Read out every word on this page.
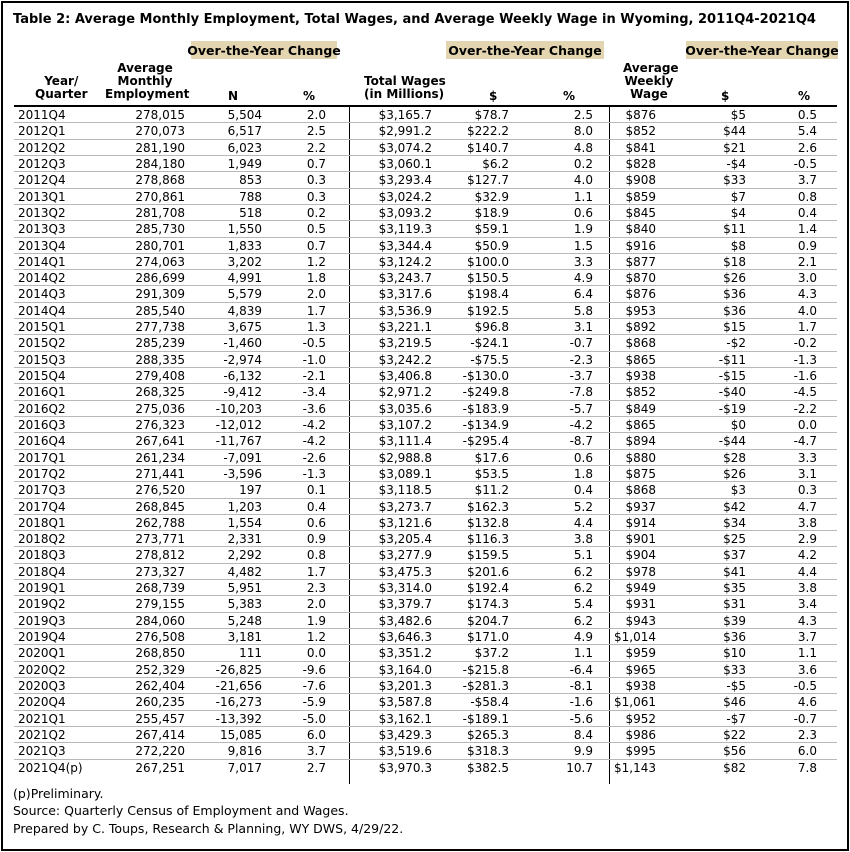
Table 2: Average Monthly Employment, Total Wages, and Average Weekly Wage in Wyoming, 2011Q4-2021Q4
Over-the-Year Change	Over-the-Year Change	Over-the-Year Change
Year/
Quarter
Average
Monthly
Employment	N	%
Total Wages
(in Millions)	$	%
Average
Weekly
Wage	$	%
2011Q4	278,015	5,504	2.0	$3,165.7	$78.7	2.5	$876	$5	0.5
2012Q1	270,073	6,517	2.5	$2,991.2	$222.2	8.0	$852	$44	5.4
2012Q2	281,190	6,023	2.2	$3,074.2	$140.7	4.8	$841	$21	2.6
2012Q3	284,180	1,949	0.7	$3,060.1	$6.2	0.2	$828	-$4	-0.5
2012Q4	278,868	853	0.3	$3,293.4	$127.7	4.0	$908	$33	3.7
2013Q1	270,861	788	0.3	$3,024.2	$32.9	1.1	$859	$7	0.8
2013Q2	281,708	518	0.2	$3,093.2	$18.9	0.6	$845	$4	0.4
2013Q3	285,730	1,550	0.5	$3,119.3	$59.1	1.9	$840	$11	1.4
2013Q4	280,701	1,833	0.7	$3,344.4	$50.9	1.5	$916	$8	0.9
2014Q1	274,063	3,202	1.2	$3,124.2	$100.0	3.3	$877	$18	2.1
2014Q2	286,699	4,991	1.8	$3,243.7	$150.5	4.9	$870	$26	3.0
2014Q3	291,309	5,579	2.0	$3,317.6	$198.4	6.4	$876	$36	4.3
2014Q4	285,540	4,839	1.7	$3,536.9	$192.5	5.8	$953	$36	4.0
2015Q1	277,738	3,675	1.3	$3,221.1	$96.8	3.1	$892	$15	1.7
2015Q2	285,239	-1,460	-0.5	$3,219.5	-$24.1	-0.7	$868	-$2	-0.2
2015Q3	288,335	-2,974	-1.0	$3,242.2	-$75.5	-2.3	$865	-$11	-1.3
2015Q4	279,408	-6,132	-2.1	$3,406.8	-$130.0	-3.7	$938	-$15	-1.6
2016Q1	268,325	-9,412	-3.4	$2,971.2	-$249.8	-7.8	$852	-$40	-4.5
2016Q2	275,036	-10,203	-3.6	$3,035.6	-$183.9	-5.7	$849	-$19	-2.2
2016Q3	276,323	-12,012	-4.2	$3,107.2	-$134.9	-4.2	$865	$0	0.0
2016Q4	267,641	-11,767	-4.2	$3,111.4	-$295.4	-8.7	$894	-$44	-4.7
2017Q1	261,234	-7,091	-2.6	$2,988.8	$17.6	0.6	$880	$28	3.3
2017Q2	271,441	-3,596	-1.3	$3,089.1	$53.5	1.8	$875	$26	3.1
2017Q3	276,520	197	0.1	$3,118.5	$11.2	0.4	$868	$3	0.3
2017Q4	268,845	1,203	0.4	$3,273.7	$162.3	5.2	$937	$42	4.7
2018Q1	262,788	1,554	0.6	$3,121.6	$132.8	4.4	$914	$34	3.8
2018Q2	273,771	2,331	0.9	$3,205.4	$116.3	3.8	$901	$25	2.9
2018Q3	278,812	2,292	0.8	$3,277.9	$159.5	5.1	$904	$37	4.2
2018Q4	273,327	4,482	1.7	$3,475.3	$201.6	6.2	$978	$41	4.4
2019Q1	268,739	5,951	2.3	$3,314.0	$192.4	6.2	$949	$35	3.8
2019Q2	279,155	5,383	2.0	$3,379.7	$174.3	5.4	$931	$31	3.4
2019Q3	284,060	5,248	1.9	$3,482.6	$204.7	6.2	$943	$39	4.3
2019Q4	276,508	3,181	1.2	$3,646.3	$171.0	4.9 $1,014	$36	3.7
2020Q1	268,850	111	0.0	$3,351.2	$37.2	1.1	$959	$10	1.1
2020Q2	252,329	-26,825	-9.6	$3,164.0	-$215.8	-6.4	$965	$33	3.6
2020Q3	262,404	-21,656	-7.6	$3,201.3	-$281.3	-8.1	$938	-$5	-0.5
2020Q4	260,235	-16,273	-5.9	$3,587.8	-$58.4	-1.6 $1,061	$46	4.6
2021Q1	255,457	-13,392	-5.0	$3,162.1	-$189.1	-5.6	$952	-$7	-0.7
2021Q2	267,414	15,085	6.0	$3,429.3	$265.3	8.4	$986	$22	2.3
2021Q3	272,220	9,816	3.7	$3,519.6	$318.3	9.9	$995	$56	6.0
2021Q4(p)	267,251	7,017	2.7	$3,970.3	$382.5	10.7 $1,143	$82	7.8
(p)Preliminary.
Source: Quarterly Census of Employment and Wages.
Prepared by C. Toups, Research & Planning, WY DWS, 4/29/22.
